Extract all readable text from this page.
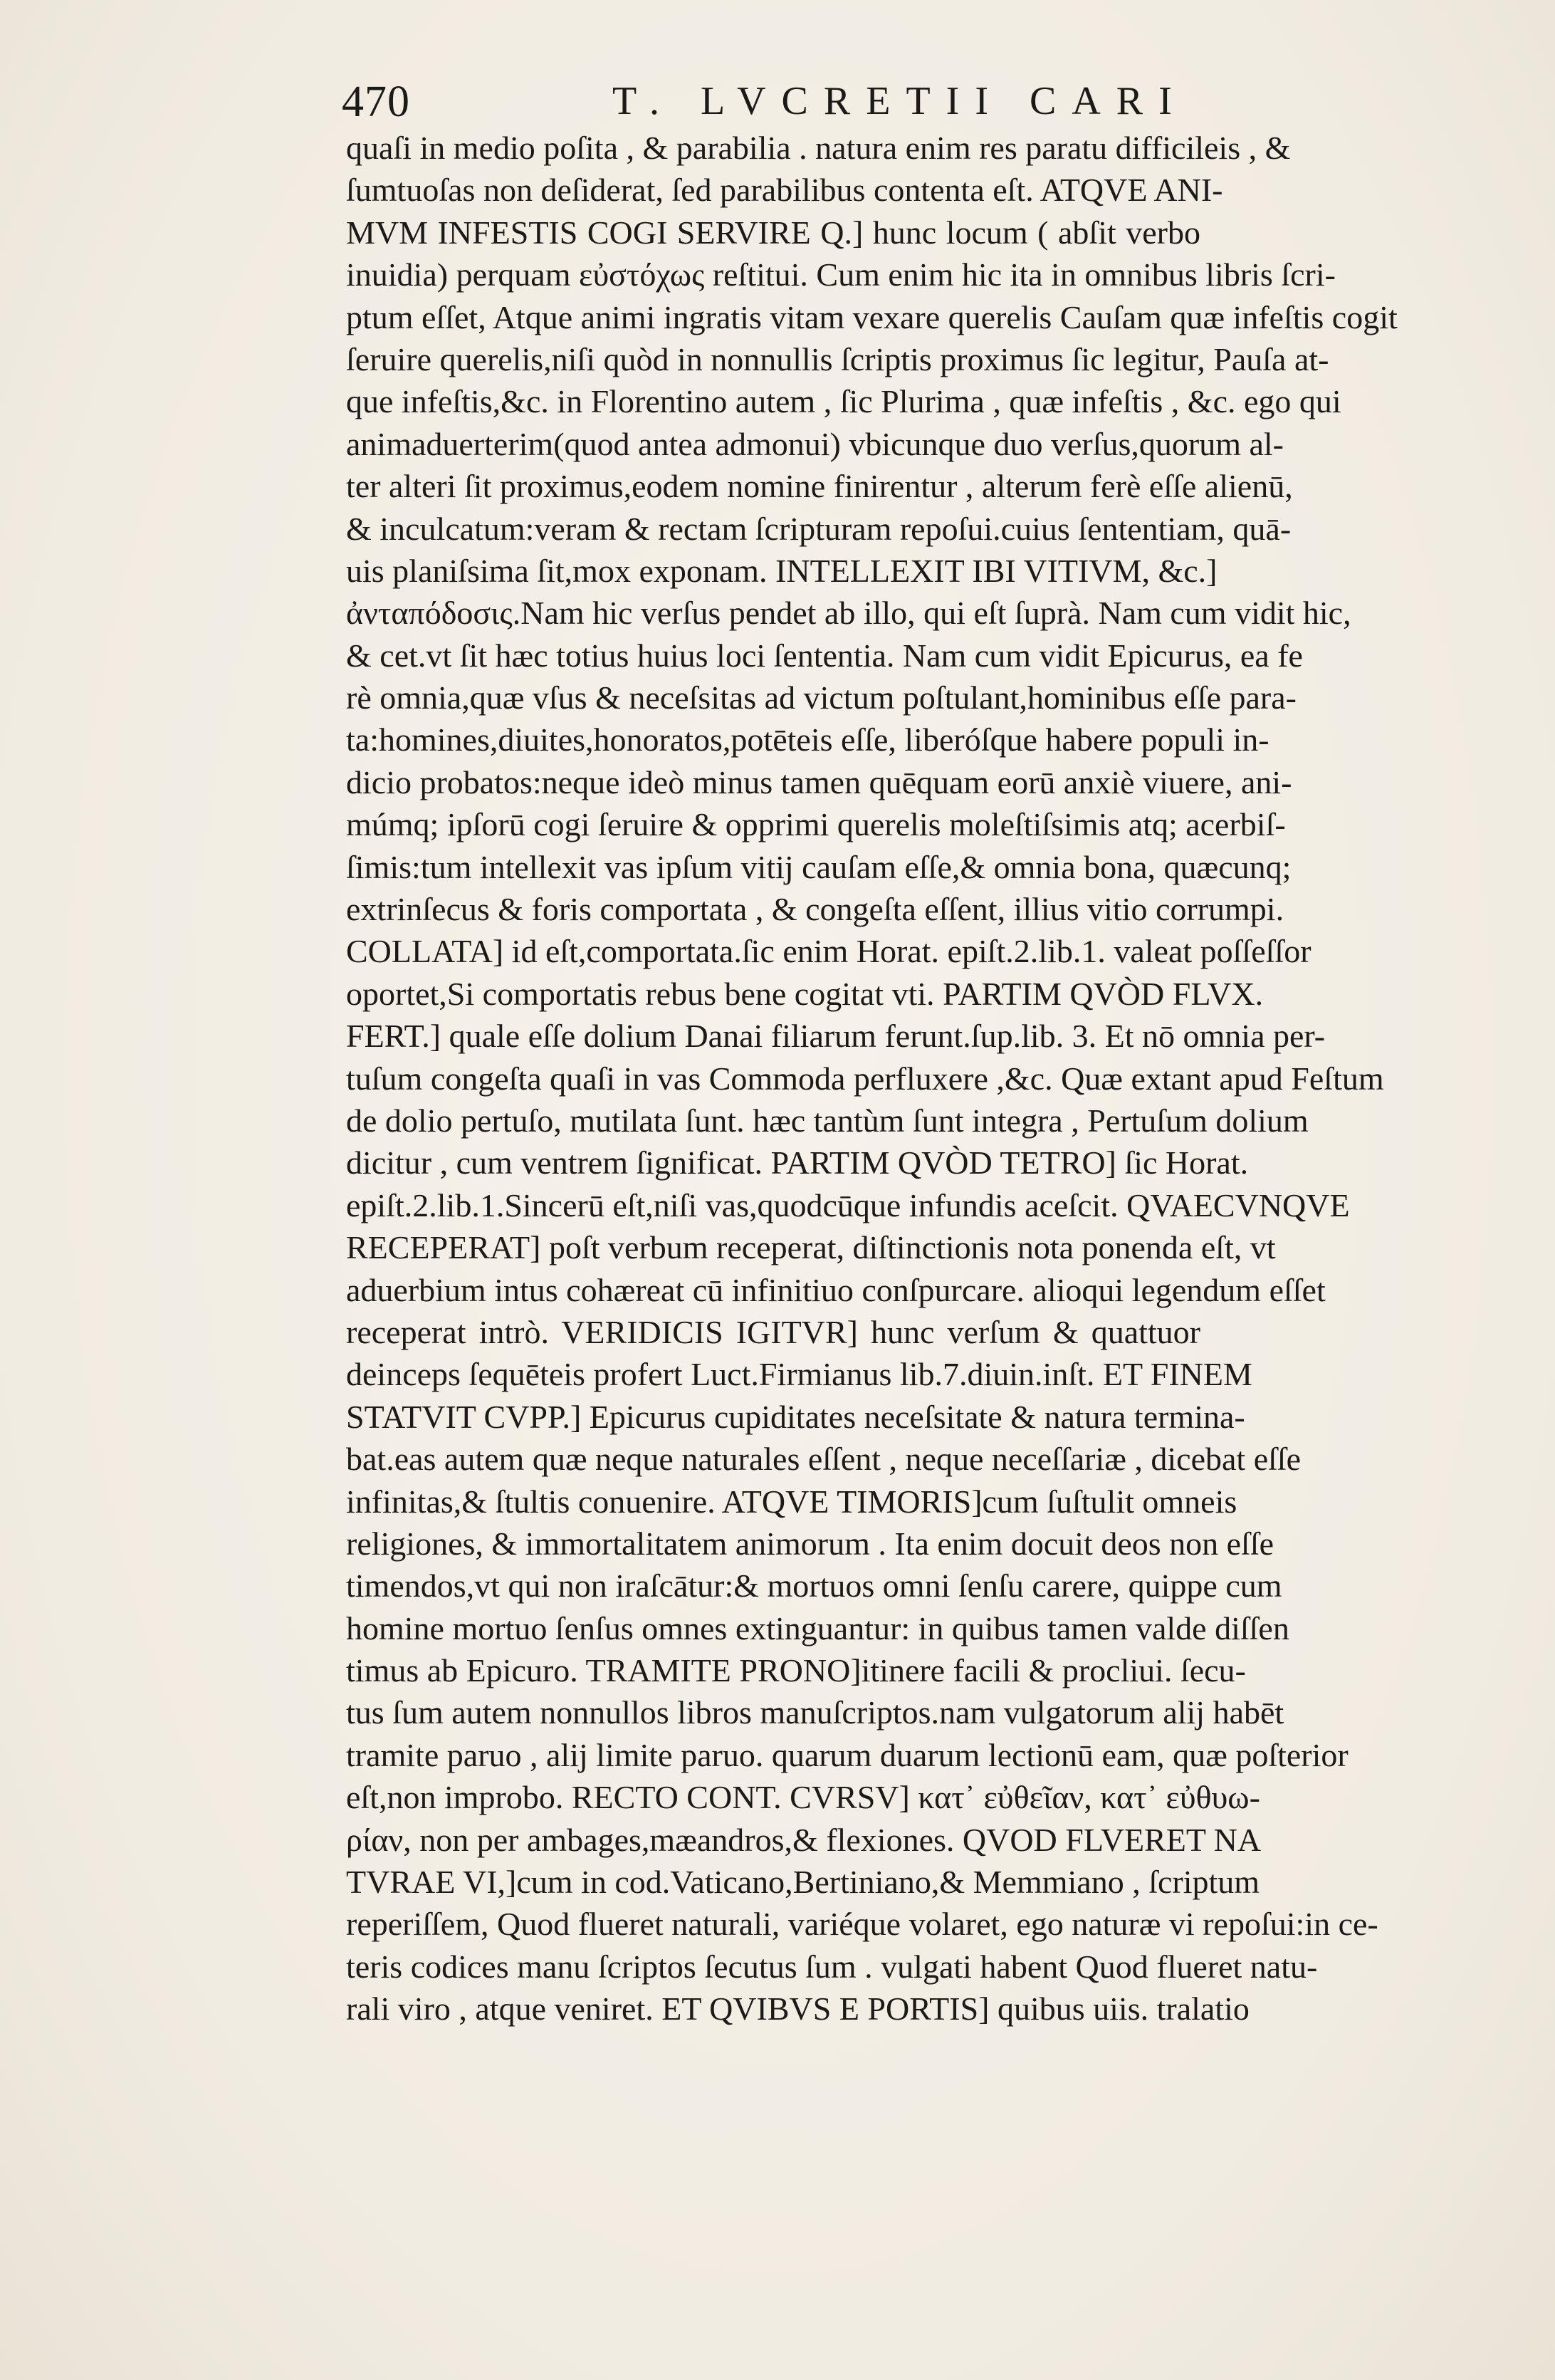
470	T. LVCRETII CARI
quaſi in medio poſita , & parabilia . natura enim res paratu difficileis , &
ſumtuoſas non deſiderat, ſed parabilibus contenta eſt. ATQVE ANI-
MVM INFESTIS COGI SERVIRE Q.] hunc locum ( abſit verbo
inuidia) perquam εὐστόχως reſtitui. Cum enim hic ita in omnibus libris ſcri-
ptum eſſet, Atque animi ingratis vitam vexare querelis Cauſam quæ infeſtis cogit
ſeruire querelis,niſi quòd in nonnullis ſcriptis proximus ſic legitur, Pauſa at-
que infeſtis,&c. in Florentino autem , ſic Plurima , quæ infeſtis , &c. ego qui
animaduerterim(quod antea admonui) vbicunque duo verſus,quorum al-
ter alteri ſit proximus,eodem nomine finirentur , alterum ferè eſſe alienū,
& inculcatum:veram & rectam ſcripturam repoſui.cuius ſententiam, quā-
uis planiſsima ſit,mox exponam. INTELLEXIT IBI VITIVM, &c.]
ἀνταπόδοσις.Nam hic verſus pendet ab illo, qui eſt ſuprà. Nam cum vidit hic,
& cet.vt ſit hæc totius huius loci ſententia. Nam cum vidit Epicurus, ea fe
rè omnia,quæ vſus & neceſsitas ad victum poſtulant,hominibus eſſe para-
ta:homines,diuites,honoratos,potēteis eſſe, liberóſque habere populi in-
dicio probatos:neque ideò minus tamen quēquam eorū anxiè viuere, ani-
múmq; ipſorū cogi ſeruire & opprimi querelis moleſtiſsimis atq; acerbiſ-
ſimis:tum intellexit vas ipſum vitij cauſam eſſe,& omnia bona, quæcunq;
extrinſecus & foris comportata , & congeſta eſſent, illius vitio corrumpi.
COLLATA] id eſt,comportata.ſic enim Horat. epiſt.2.lib.1. valeat poſſeſſor
oportet,Si comportatis rebus bene cogitat vti. PARTIM QVÒD FLVX.
FERT.] quale eſſe dolium Danai filiarum ferunt.ſup.lib. 3. Et nō omnia per-
tuſum congeſta quaſi in vas Commoda perfluxere ,&c. Quæ extant apud Feſtum
de dolio pertuſo, mutilata ſunt. hæc tantùm ſunt integra , Pertuſum dolium
dicitur , cum ventrem ſignificat. PARTIM QVÒD TETRO] ſic Horat.
epiſt.2.lib.1.Sincerū eſt,niſi vas,quodcūque infundis aceſcit. QVAECVNQVE
RECEPERAT] poſt verbum receperat, diſtinctionis nota ponenda eſt, vt
aduerbium intus cohæreat cū infinitiuo conſpurcare. alioqui legendum eſſet
receperat intrò. VERIDICIS IGITVR] hunc verſum & quattuor
deinceps ſequēteis profert Luct.Firmianus lib.7.diuin.inſt. ET FINEM
STATVIT CVPP.] Epicurus cupiditates neceſsitate & natura termina-
bat.eas autem quæ neque naturales eſſent , neque neceſſariæ , dicebat eſſe
infinitas,& ſtultis conuenire. ATQVE TIMORIS]cum ſuſtulit omneis
religiones, & immortalitatem animorum . Ita enim docuit deos non eſſe
timendos,vt qui non iraſcātur:& mortuos omni ſenſu carere, quippe cum
homine mortuo ſenſus omnes extinguantur: in quibus tamen valde diſſen
timus ab Epicuro. TRAMITE PRONO]itinere facili & procliui. ſecu-
tus ſum autem nonnullos libros manuſcriptos.nam vulgatorum alij habēt
tramite paruo , alij limite paruo. quarum duarum lectionū eam, quæ poſterior
eſt,non improbo. RECTO CONT. CVRSV] κατ᾽ εὐθεῖαν, κατ᾽ εὐθυω-
ρίαν, non per ambages,mæandros,& flexiones. QVOD FLVERET NA
TVRAE VI,]cum in cod.Vaticano,Bertiniano,& Memmiano , ſcriptum
reperiſſem, Quod flueret naturali, variéque volaret, ego naturæ vi repoſui:in ce-
teris codices manu ſcriptos ſecutus ſum . vulgati habent Quod flueret natu-
rali viro , atque veniret. ET QVIBVS E PORTIS] quibus uiis. tralatio
